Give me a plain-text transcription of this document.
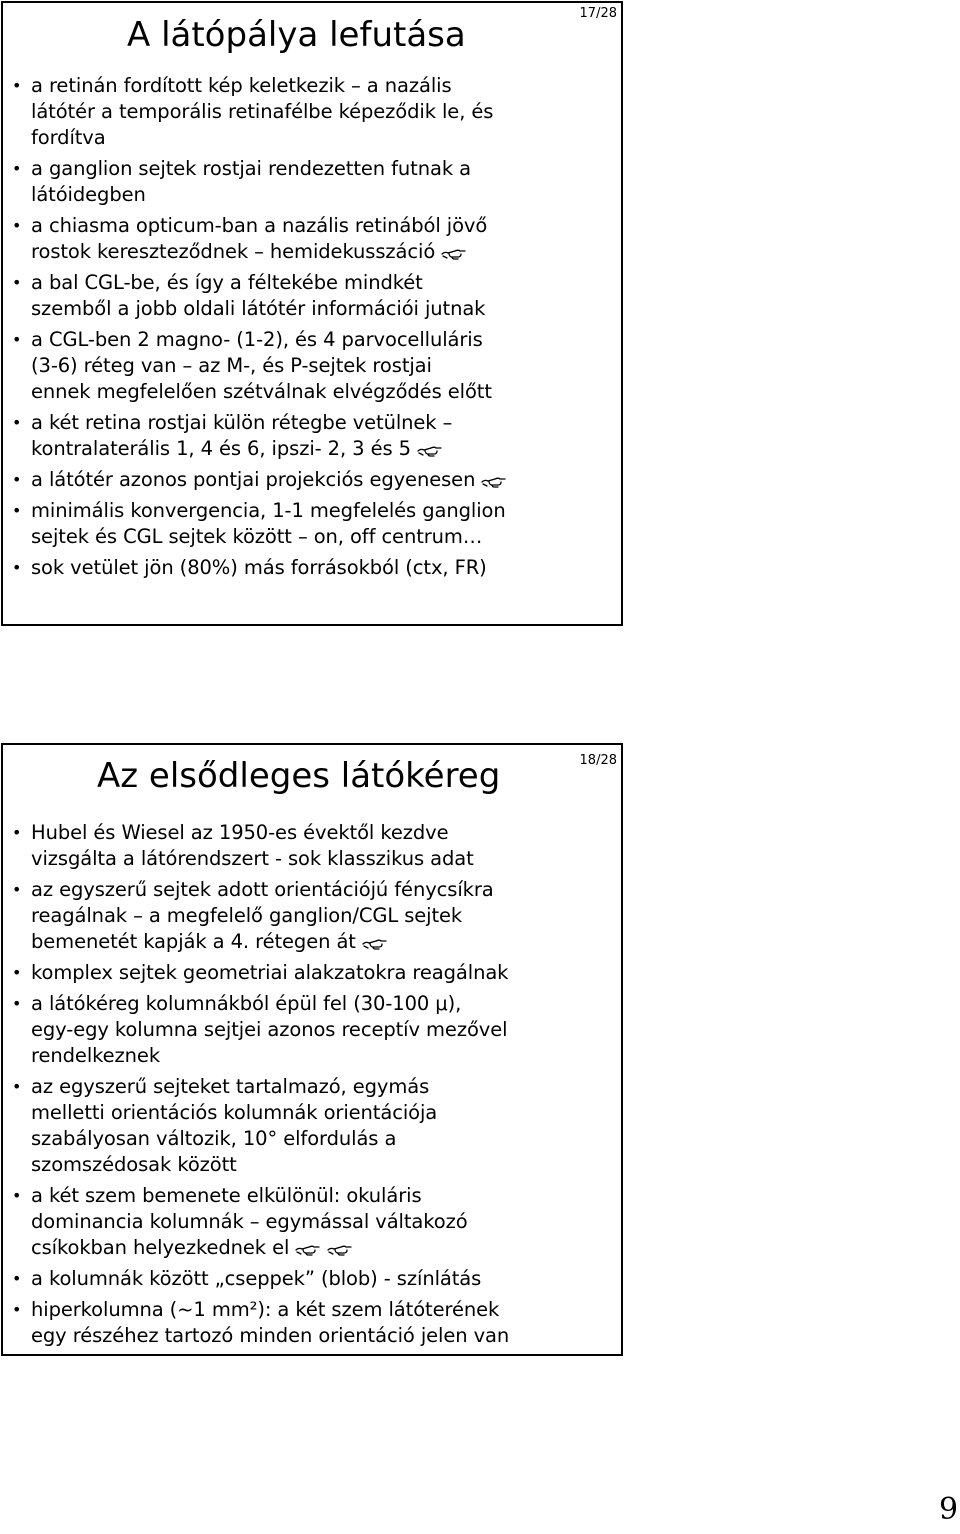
A látópálya lefutása
17/28
• a retinán fordított kép keletkezik – a nazális
látótér a temporális retinafélbe képeződik le, és
fordítva
• a ganglion sejtek rostjai rendezetten futnak a
látóidegben
• a chiasma opticum-ban a nazális retinából jövő
rostok kereszteződnek – hemidekusszáció
• a bal CGL-be, és így a féltekébe mindkét
szemből a jobb oldali látótér információi jutnak
• a CGL-ben 2 magno- (1-2), és 4 parvocelluláris
(3-6) réteg van – az M-, és P-sejtek rostjai
ennek megfelelően szétválnak elvégződés előtt
• a két retina rostjai külön rétegbe vetülnek –
kontralaterális 1, 4 és 6, ipszi- 2, 3 és 5
• a látótér azonos pontjai projekciós egyenesen
• minimális konvergencia, 1-1 megfelelés ganglion
sejtek és CGL sejtek között – on, off centrum…
• sok vetület jön (80%) más forrásokból (ctx, FR)
Az elsődleges látókéreg	18/28
• Hubel és Wiesel az 1950-es évektől kezdve
vizsgálta a látórendszert - sok klasszikus adat
• az egyszerű sejtek adott orientációjú fénycsíkra
reagálnak – a megfelelő ganglion/CGL sejtek
bemenetét kapják a 4. rétegen át
• komplex sejtek geometriai alakzatokra reagálnak
• a látókéreg kolumnákból épül fel (30-100 μ),
egy-egy kolumna sejtjei azonos receptív mezővel
rendelkeznek
• az egyszerű sejteket tartalmazó, egymás
melletti orientációs kolumnák orientációja
szabályosan változik, 10° elfordulás a
szomszédosak között
• a két szem bemenete elkülönül: okuláris
dominancia kolumnák – egymással váltakozó
csíkokban helyezkednek el
• a kolumnák között „cseppek” (blob) - színlátás
• hiperkolumna (~1 mm²): a két szem látóterének
egy részéhez tartozó minden orientáció jelen van
9
